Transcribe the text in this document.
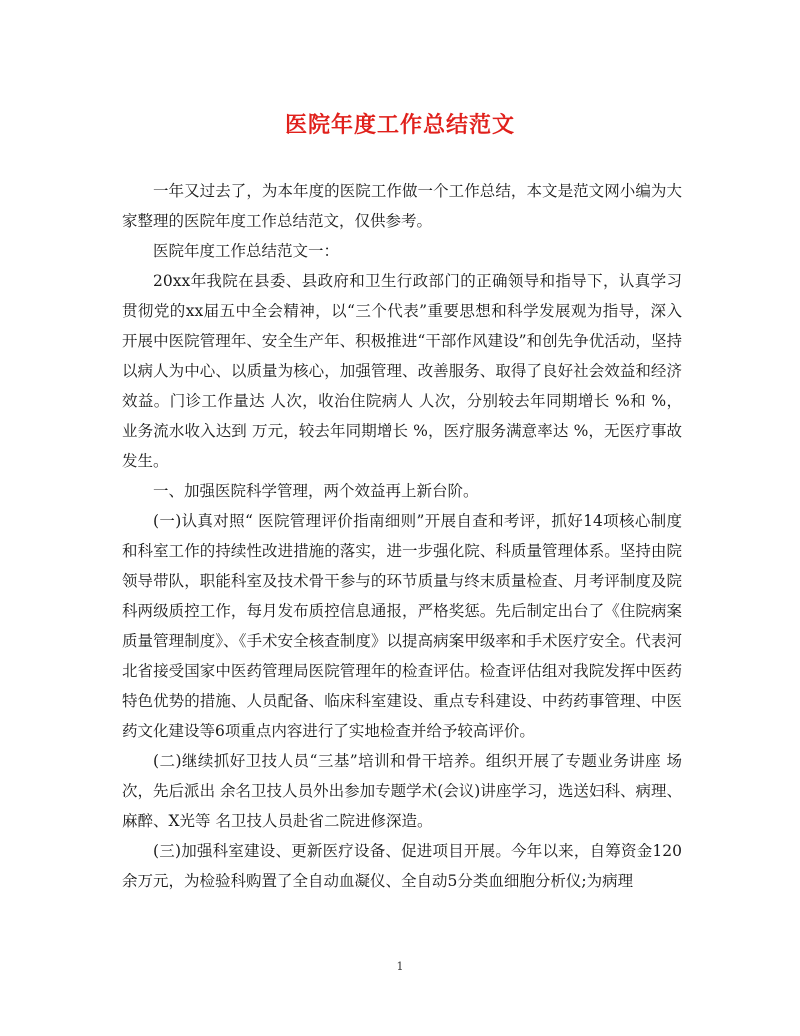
医院年度工作总结范文

一年又过去了，为本年度的医院工作做一个工作总结，本文是范文网小编为大家整理的医院年度工作总结范文，仅供参考。

医院年度工作总结范文一：

20xx年我院在县委、县政府和卫生行政部门的正确领导和指导下，认真学习贯彻党的xx届五中全会精神，以“三个代表”重要思想和科学发展观为指导，深入开展中医院管理年、安全生产年、积极推进“干部作风建设”和创先争优活动，坚持以病人为中心、以质量为核心，加强管理、改善服务、取得了良好社会效益和经济效益。门诊工作量达 人次，收治住院病人 人次，分别较去年同期增长 %和 %，业务流水收入达到 万元，较去年同期增长 %，医疗服务满意率达 %，无医疗事故发生。

一、加强医院科学管理，两个效益再上新台阶。

(一)认真对照“ 医院管理评价指南细则”开展自查和考评，抓好14项核心制度和科室工作的持续性改进措施的落实，进一步强化院、科质量管理体系。坚持由院领导带队，职能科室及技术骨干参与的环节质量与终末质量检查、月考评制度及院科两级质控工作，每月发布质控信息通报，严格奖惩。先后制定出台了《住院病案质量管理制度》、《手术安全核查制度》以提高病案甲级率和手术医疗安全。代表河北省接受国家中医药管理局医院管理年的检查评估。检查评估组对我院发挥中医药特色优势的措施、人员配备、临床科室建设、重点专科建设、中药药事管理、中医药文化建设等6项重点内容进行了实地检查并给予较高评价。

(二)继续抓好卫技人员“三基”培训和骨干培养。组织开展了专题业务讲座 场次，先后派出 余名卫技人员外出参加专题学术(会议)讲座学习，选送妇科、病理、麻醉、X光等 名卫技人员赴省二院进修深造。

(三)加强科室建设、更新医疗设备、促进项目开展。今年以来，自筹资金120余万元，为检验科购置了全自动血凝仪、全自动5分类血细胞分析仪;为病理

1
